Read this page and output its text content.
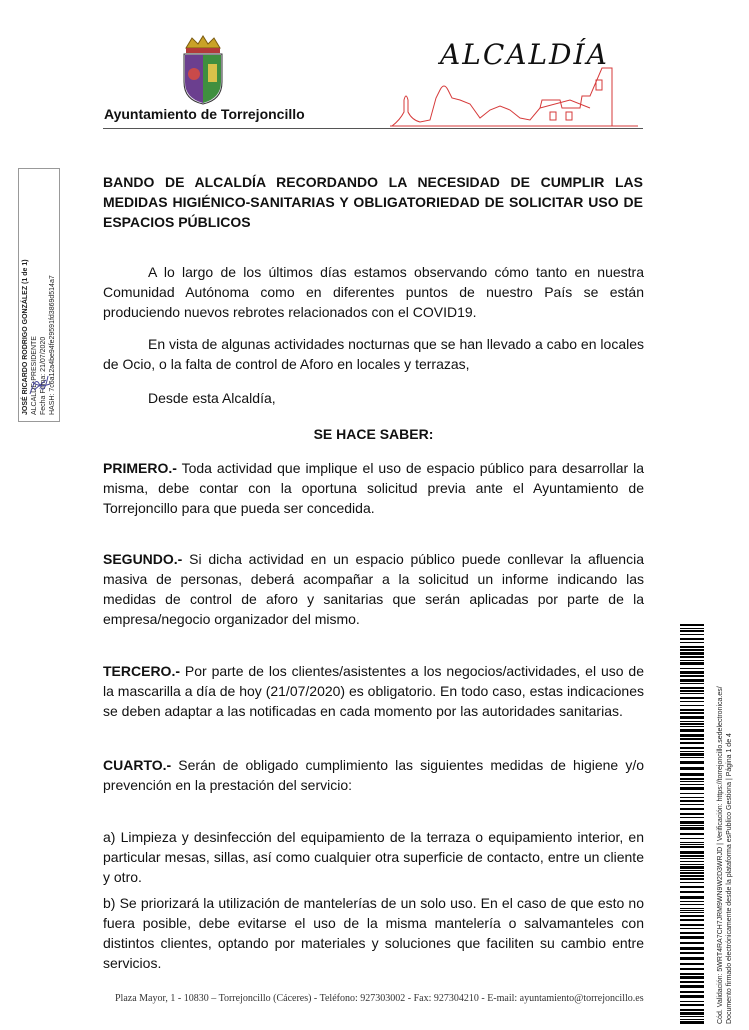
Ayuntamiento de Torrejoncillo
ALCALDÍA
JOSÉ RICARDO RODRIGO GONZÁLEZ (1 de 1) ALCALDE-PRESIDENTE Fecha Firma: 21/07/2020 HASH: 7c6a12a4be94fe29591fd3869d514a7
BANDO DE ALCALDÍA RECORDANDO LA NECESIDAD DE CUMPLIR LAS MEDIDAS HIGIÉNICO-SANITARIAS Y OBLIGATORIEDAD DE SOLICITAR USO DE ESPACIOS PÚBLICOS
A lo largo de los últimos días estamos observando cómo tanto en nuestra Comunidad Autónoma como en diferentes puntos de nuestro País se están produciendo nuevos rebrotes relacionados con el COVID19.
En vista de algunas actividades nocturnas que se han llevado a cabo en locales de Ocio, o la falta de control de Aforo en locales y terrazas,
Desde esta Alcaldía,
SE HACE SABER:
PRIMERO.- Toda actividad que implique el uso de espacio público para desarrollar la misma, debe contar con la oportuna solicitud previa ante el Ayuntamiento de Torrejoncillo para que pueda ser concedida.
SEGUNDO.- Si dicha actividad en un espacio público puede conllevar la afluencia masiva de personas, deberá acompañar a la solicitud un informe indicando las medidas de control de aforo y sanitarias que serán aplicadas por parte de la empresa/negocio organizador del mismo.
TERCERO.- Por parte de los clientes/asistentes a los negocios/actividades, el uso de la mascarilla a día de hoy (21/07/2020) es obligatorio. En todo caso, estas indicaciones se deben adaptar a las notificadas en cada momento por las autoridades sanitarias.
CUARTO.- Serán de obligado cumplimiento las siguientes medidas de higiene y/o prevención en la prestación del servicio:
a) Limpieza y desinfección del equipamiento de la terraza o equipamiento interior, en particular mesas, sillas, así como cualquier otra superficie de contacto, entre un cliente y otro.
b) Se priorizará la utilización de mantelerías de un solo uso. En el caso de que esto no fuera posible, debe evitarse el uso de la misma mantelería o salvamanteles con distintos clientes, optando por materiales y soluciones que faciliten su cambio entre servicios.
Plaza Mayor, 1 - 10830 – Torrejoncillo (Cáceres) - Teléfono: 927303002 - Fax: 927304210 - E-mail: ayuntamiento@torrejoncillo.es	Cód. Validación: 5WRT4RA7CH7JRM9WN9W2D3WRJD | Verificación: https://torrejoncillo.sedelectronica.es/ Documento firmado electrónicamente desde la plataforma esPublico Gestiona | Página 1 de 4
